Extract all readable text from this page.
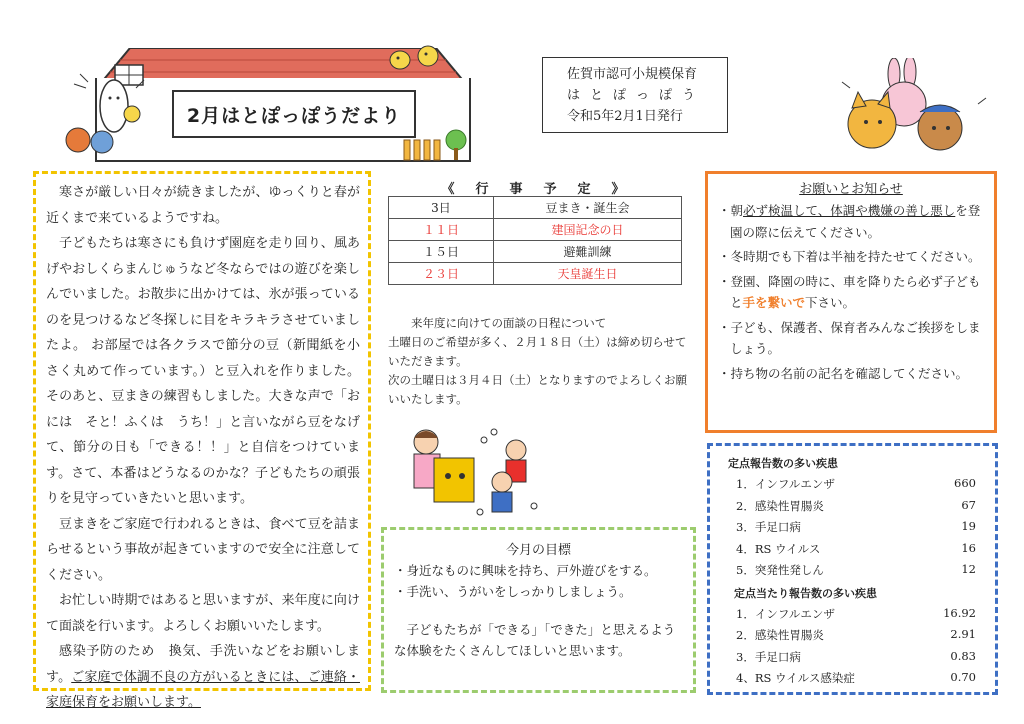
2月はとぽっぽうだより
佐賀市認可小規模保育
はとぽっぽう
令和5年2月1日発行

寒さが厳しい日々が続きましたが、ゆっくりと春が近くまで来ているようですね。

子どもたちは寒さにも負けず園庭を走り回り、風あげやおしくらまんじゅうなど冬ならではの遊びを楽しんでいました。お散歩に出かけては、氷が張っているのを見つけるなど冬探しに目をキラキラさせていましたよ。 お部屋では各クラスで節分の豆（新聞紙を小さく丸めて作っています。）と豆入れを作りました。そのあと、豆まきの練習もしました。大きな声で「おには　そと！ふくは　うち！」と言いながら豆をなげて、節分の日も「できる！！」と自信をつけています。さて、本番はどうなるのかな？子どもたちの頑張りを見守っていきたいと思います。

豆まきをご家庭で行われるときは、食べて豆を詰まらせるという事故が起きていますので安全に注意してください。

お忙しい時期ではあると思いますが、来年度に向けて面談を行います。よろしくお願いいたします。

感染予防のため　換気、手洗いなどをお願いします。ご家庭で体調不良の方がいるときには、ご連絡・家庭保育をお願いします。

《　行　事　予　定　》
3日	豆まき・誕生会
１１日	建国記念の日
１５日	避難訓練
２３日	天皇誕生日

来年度に向けての面談の日程について

土曜日のご希望が多く、２月１８日（土）は締め切らせていただきます。

次の土曜日は３月４日（土）となりますのでよろしくお願いいたします。

今月の目標

・身近なものに興味を持ち、戸外遊びをする。

・手洗い、うがいをしっかりしましょう。

子どもたちが「できる」「できた」と思えるような体験をたくさんしてほしいと思います。

お願いとお知らせ
・朝必ず検温して、体調や機嫌の善し悪しを登園の際に伝えてください。
・冬時期でも下着は半袖を持たせてください。
・登園、降園の時に、車を降りたら必ず子どもと手を繋いで下さい。
・子ども、保護者、保育者みんなご挨拶をしましょう。
・持ち物の名前の記名を確認してください。
定点報告数の多い疾患
1．インフルエンザ	660
2．感染性胃腸炎	67
3．手足口病	19
4．RS ウイルス	16
5．突発性発しん	12
定点当たり報告数の多い疾患
1．インフルエンザ	16.92
2．感染性胃腸炎	2.91
3．手足口病	0.83
4、RS ウイルス感染症	0.70
